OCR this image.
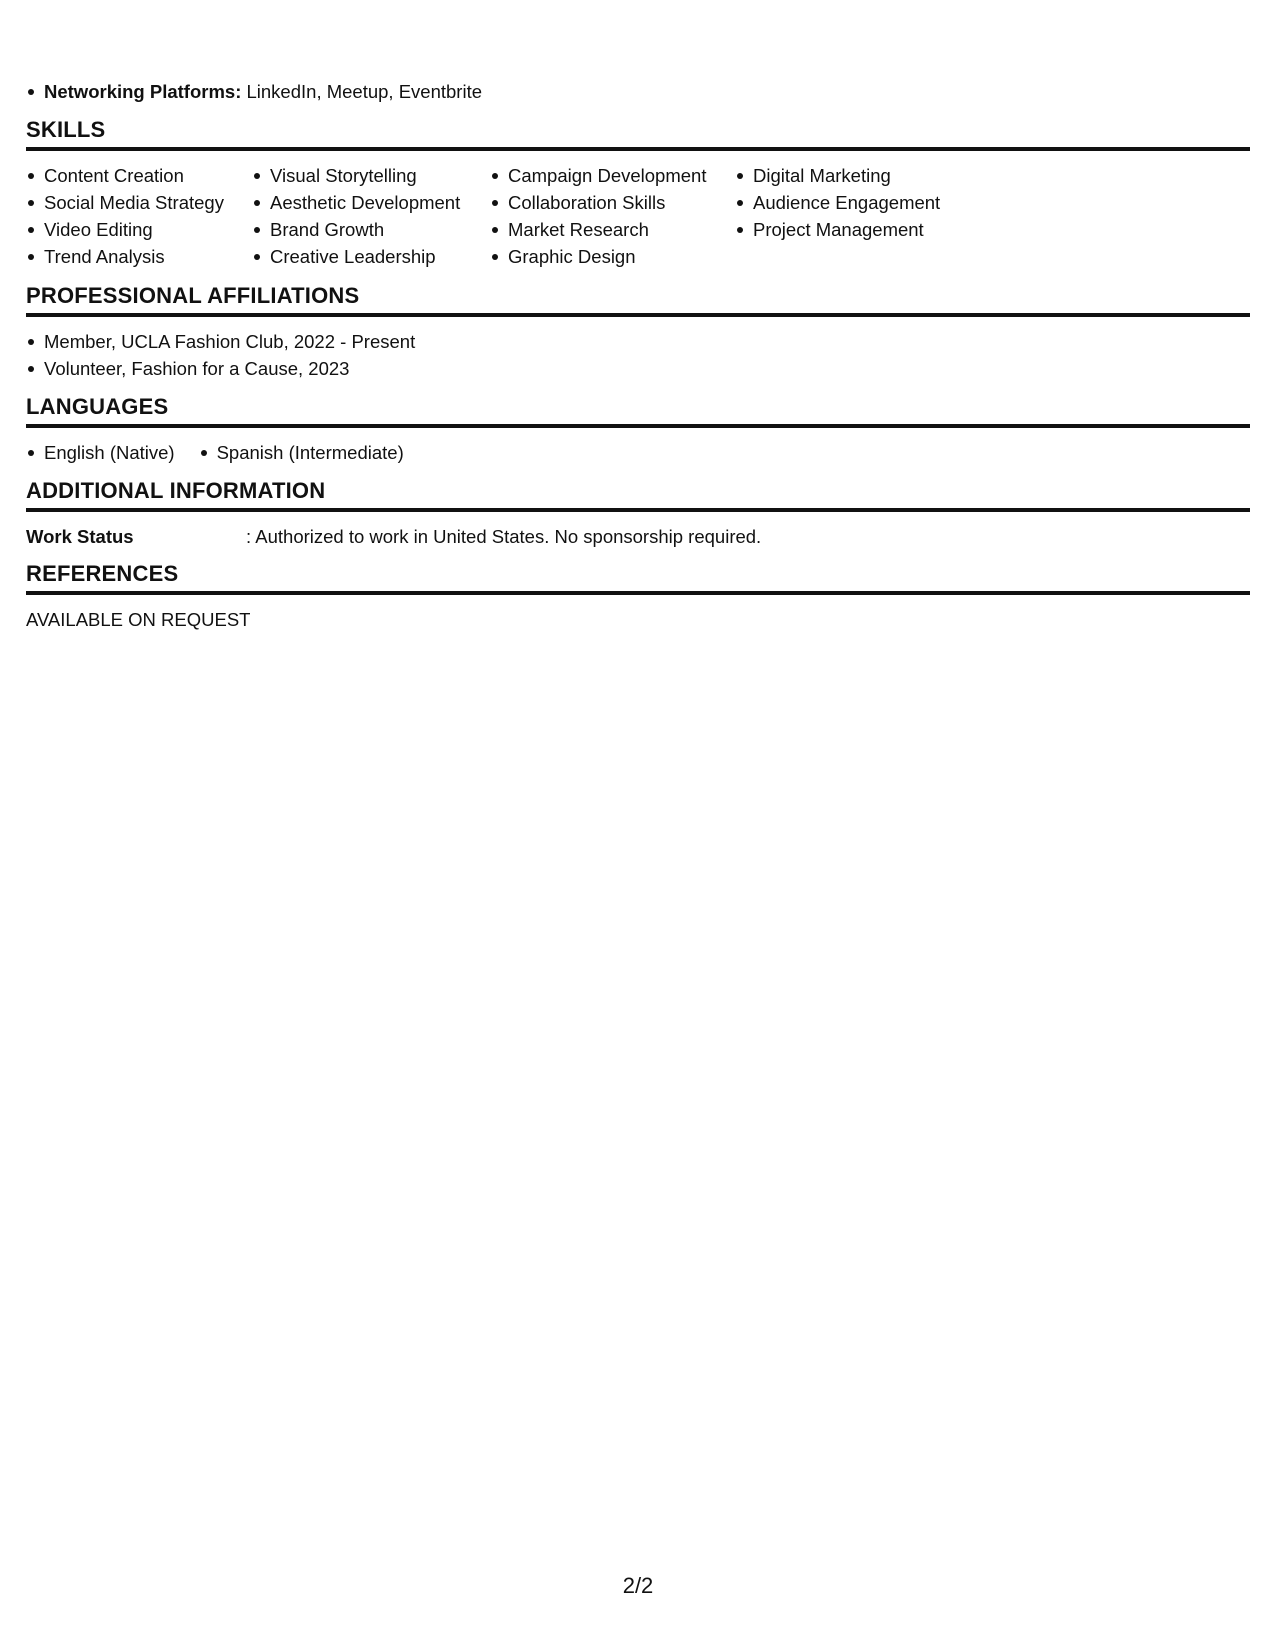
Networking Platforms: LinkedIn, Meetup, Eventbrite
SKILLS
Content Creation
Social Media Strategy
Video Editing
Trend Analysis
Visual Storytelling
Aesthetic Development
Brand Growth
Creative Leadership
Campaign Development
Collaboration Skills
Market Research
Graphic Design
Digital Marketing
Audience Engagement
Project Management
PROFESSIONAL AFFILIATIONS
Member, UCLA Fashion Club, 2022 - Present
Volunteer, Fashion for a Cause, 2023
LANGUAGES
English (Native)	Spanish (Intermediate)
ADDITIONAL INFORMATION
Work Status	: Authorized to work in United States. No sponsorship required.
REFERENCES
AVAILABLE ON REQUEST
2/2
